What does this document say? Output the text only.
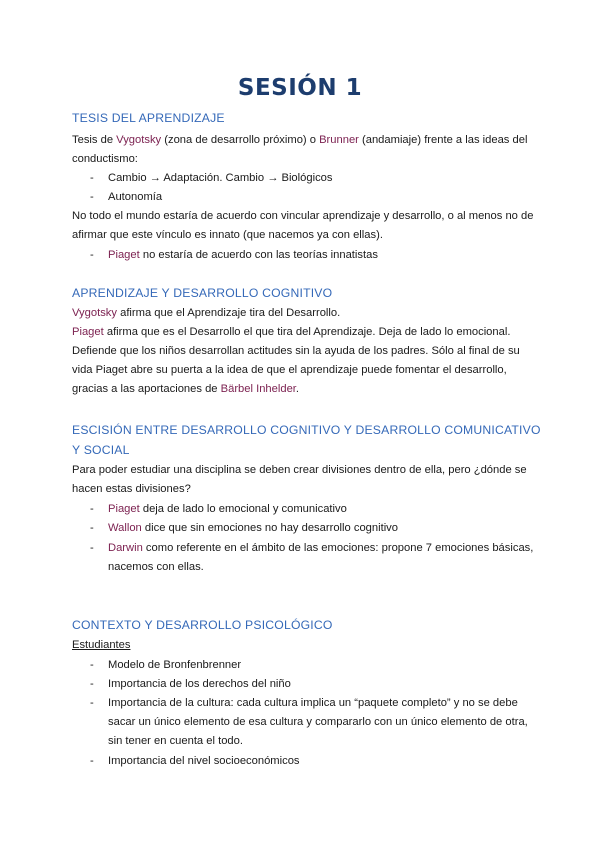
SESIÓN 1
TESIS DEL APRENDIZAJE
Tesis de Vygotsky (zona de desarrollo próximo) o Brunner (andamiaje) frente a las ideas del conductismo:
- Cambio → Adaptación. Cambio → Biológicos
- Autonomía
No todo el mundo estaría de acuerdo con vincular aprendizaje y desarrollo, o al menos no de afirmar que este vínculo es innato (que nacemos ya con ellas).
- Piaget no estaría de acuerdo con las teorías innatistas
APRENDIZAJE Y DESARROLLO COGNITIVO
Vygotsky afirma que el Aprendizaje tira del Desarrollo.
Piaget afirma que es el Desarrollo el que tira del Aprendizaje. Deja de lado lo emocional. Defiende que los niños desarrollan actitudes sin la ayuda de los padres. Sólo al final de su vida Piaget abre su puerta a la idea de que el aprendizaje puede fomentar el desarrollo, gracias a las aportaciones de Bärbel Inhelder.
ESCISIÓN ENTRE DESARROLLO COGNITIVO Y DESARROLLO COMUNICATIVO Y SOCIAL
Para poder estudiar una disciplina se deben crear divisiones dentro de ella, pero ¿dónde se hacen estas divisiones?
- Piaget deja de lado lo emocional y comunicativo
- Wallon dice que sin emociones no hay desarrollo cognitivo
- Darwin como referente en el ámbito de las emociones: propone 7 emociones básicas, nacemos con ellas.
CONTEXTO Y DESARROLLO PSICOLÓGICO
Estudiantes
- Modelo de Bronfenbrenner
- Importancia de los derechos del niño
- Importancia de la cultura: cada cultura implica un “paquete completo” y no se debe sacar un único elemento de esa cultura y compararlo con un único elemento de otra, sin tener en cuenta el todo.
- Importancia del nivel socioeconómicos
